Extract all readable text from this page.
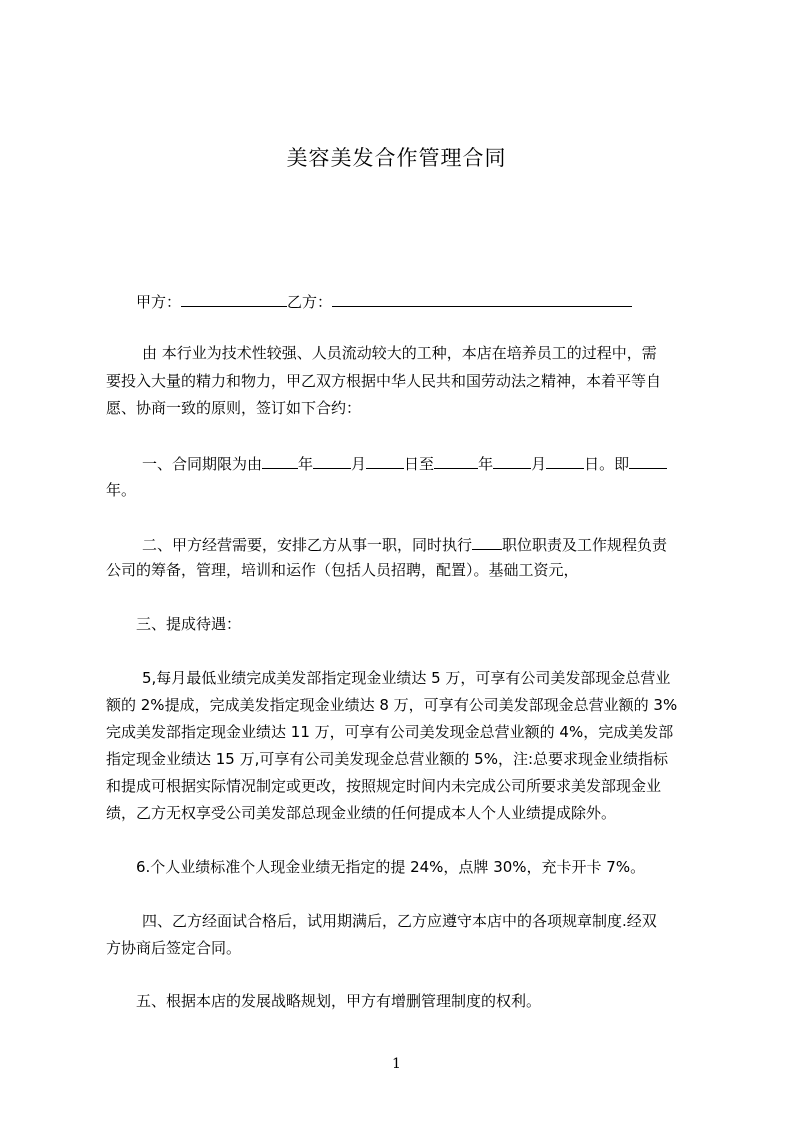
美容美发合作管理合同
甲方：	乙方：
由 本行业为技术性较强、人员流动较大的工种，本店在培养员工的过程中，需
要投入大量的精力和物力，甲乙双方根据中华人民共和国劳动法之精神，本着平等自
愿、协商一致的原则，签订如下合约：
一、合同期限为由 年	月	日至	年	月	日。即
年。
二、甲方经营需要，安排乙方从事一职，同时执行 职位职责及工作规程负责
公司的筹备，管理，培训和运作（包括人员招聘，配置）。基础工资元，
三、提成待遇：
5,每月最低业绩完成美发部指定现金业绩达 5 万，可享有公司美发部现金总营业
额的 2%提成，完成美发指定现金业绩达 8 万，可享有公司美发部现金总营业额的 3%
完成美发部指定现金业绩达 11 万，可享有公司美发现金总营业额的 4%，完成美发部
指定现金业绩达 15 万,可享有公司美发现金总营业额的 5%，注:总要求现金业绩指标
和提成可根据实际情况制定或更改，按照规定时间内未完成公司所要求美发部现金业
绩，乙方无权享受公司美发部总现金业绩的任何提成本人个人业绩提成除外。
6.个人业绩标准个人现金业绩无指定的提 24%，点牌 30%，充卡开卡 7%。
四、乙方经面试合格后，试用期满后，乙方应遵守本店中的各项规章制度.经双
方协商后签定合同。
五、根据本店的发展战略规划，甲方有增删管理制度的权利。
1
